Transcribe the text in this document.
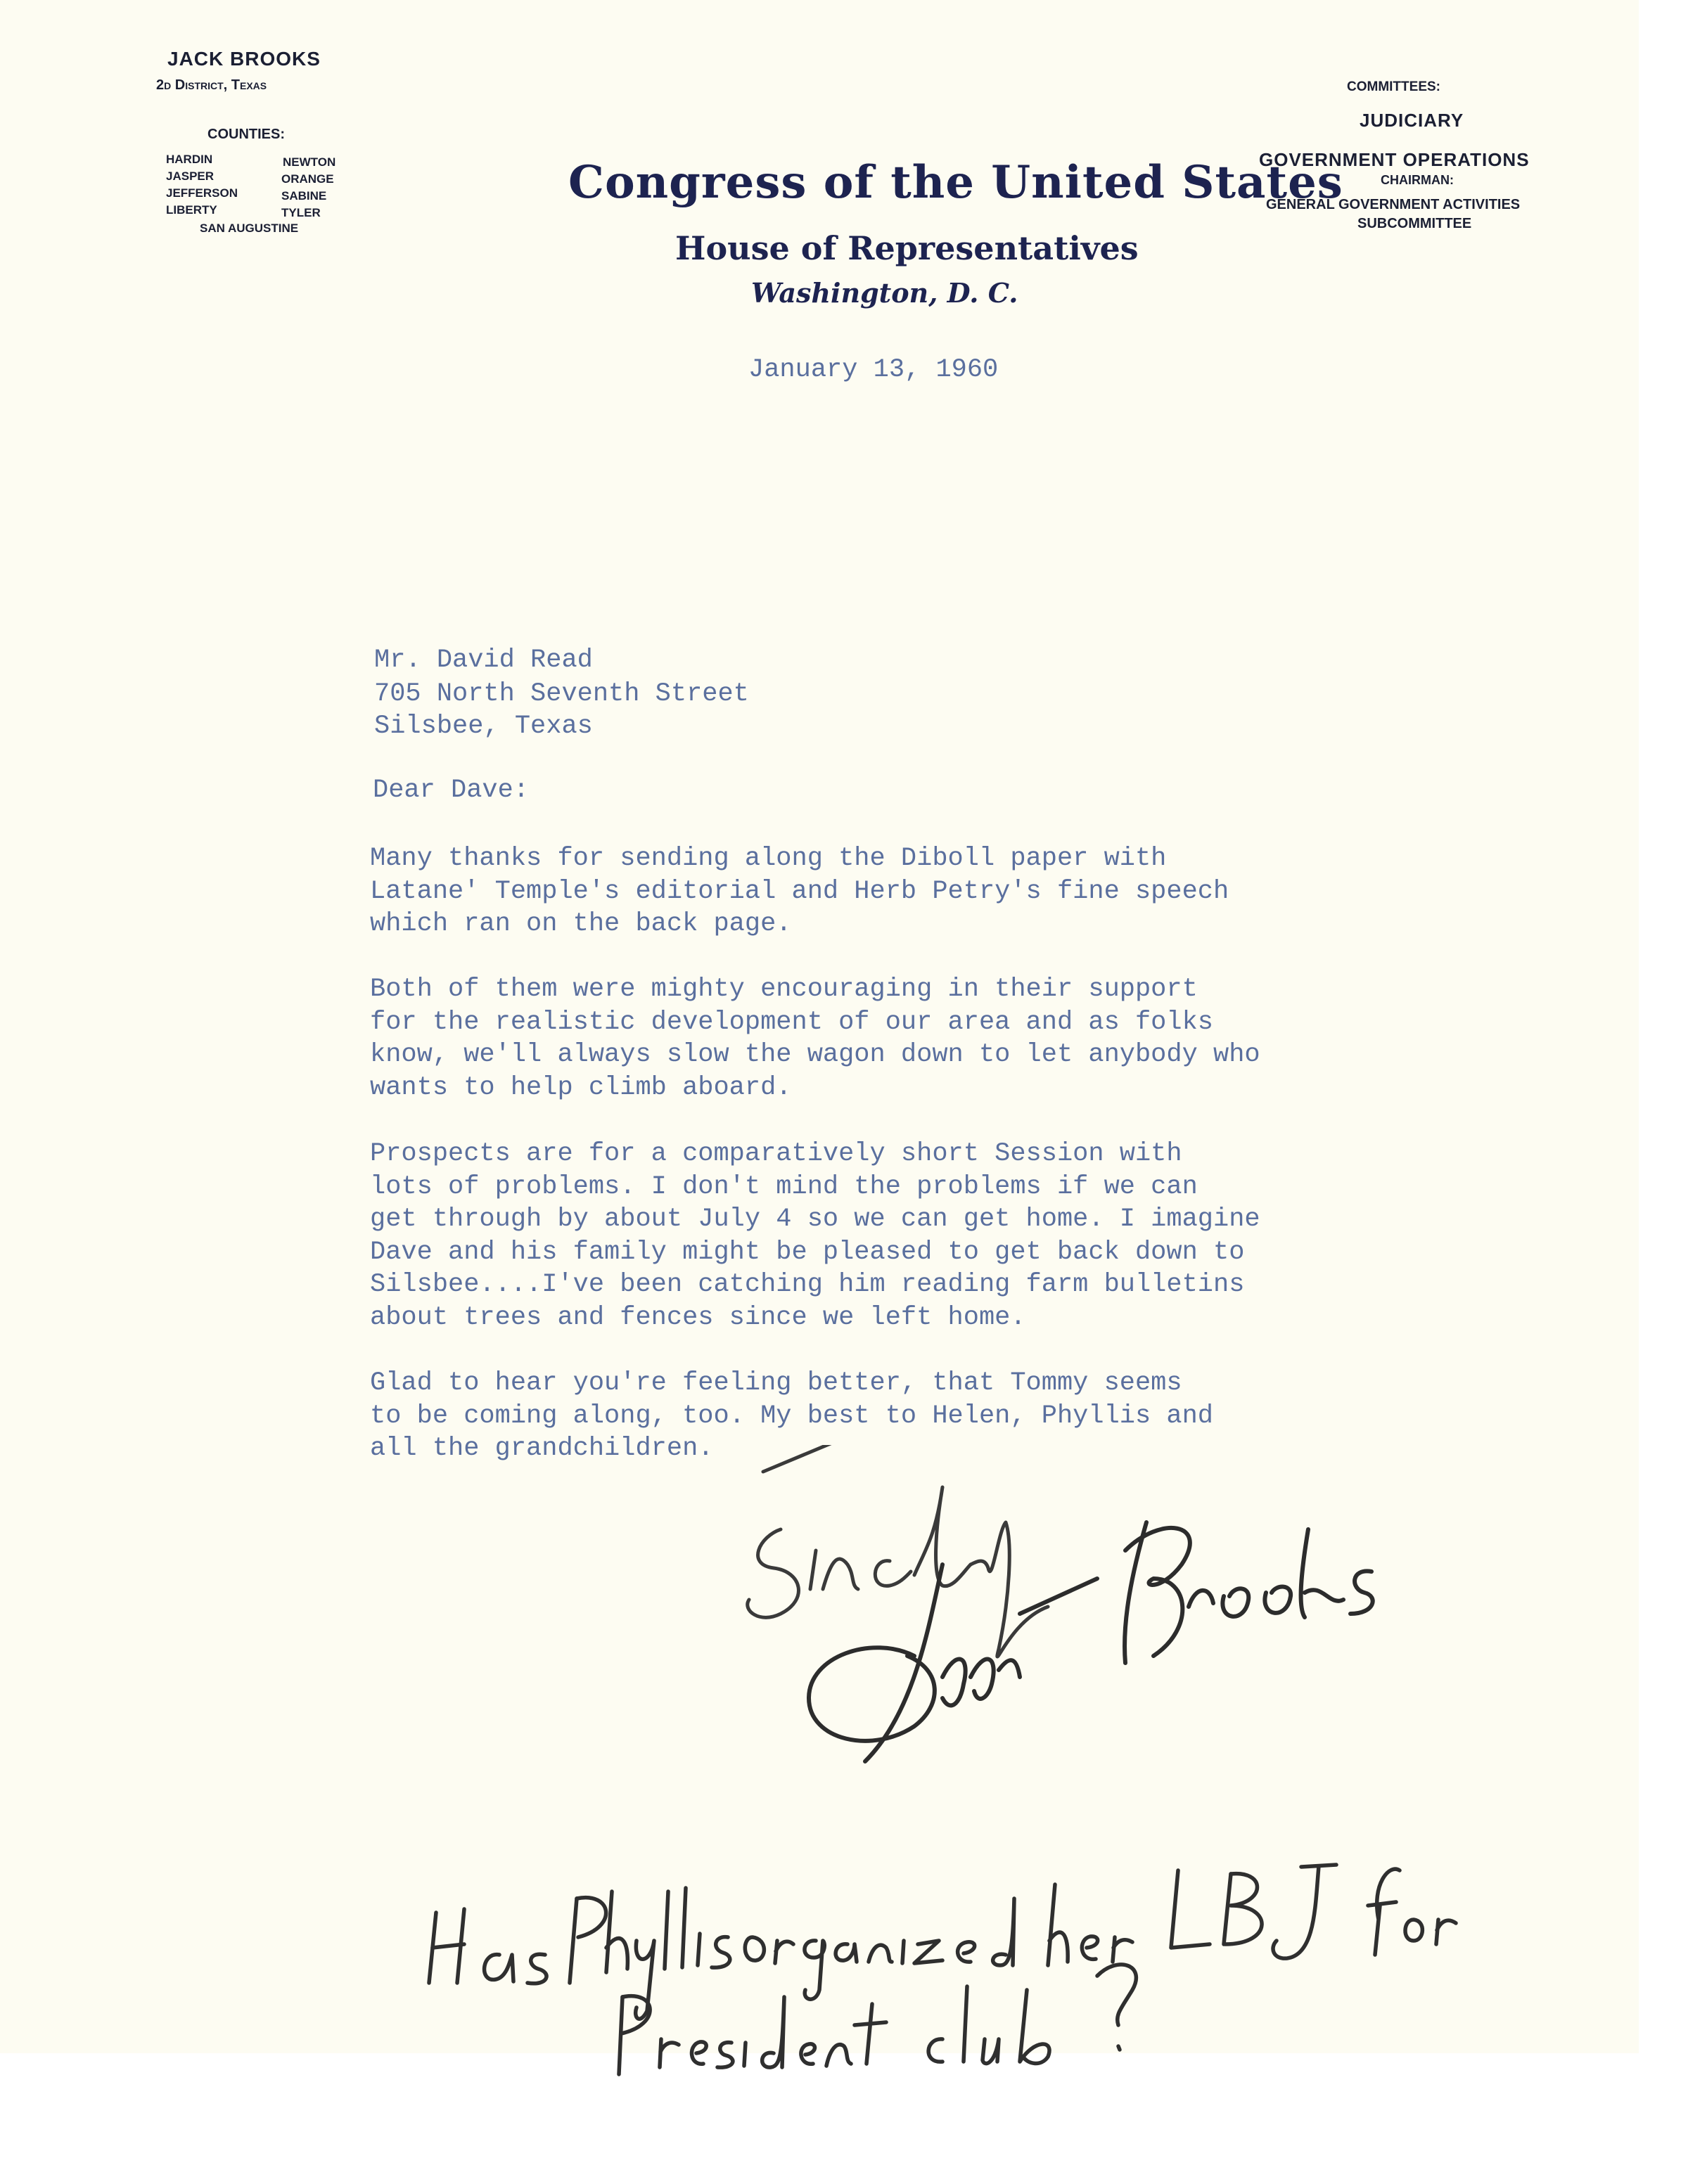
JACK BROOKS
2d District, Texas
COUNTIES:
HARDIN
JASPER
JEFFERSON
LIBERTY
NEWTON
ORANGE
SABINE
TYLER
SAN AUGUSTINE
Congress of the United States
House of Representatives
Washington, D. C.
COMMITTEES:
JUDICIARY
GOVERNMENT OPERATIONS
CHAIRMAN:
GENERAL GOVERNMENT ACTIVITIES
SUBCOMMITTEE
January 13, 1960
Mr. David Read
705 North Seventh Street
Silsbee, Texas
Dear Dave:
Many thanks for sending along the Diboll paper with
Latane' Temple's editorial and Herb Petry's fine speech
which ran on the back page.
Both of them were mighty encouraging in their support
for the realistic development of our area and as folks
know, we'll always slow the wagon down to let anybody who
wants to help climb aboard.
Prospects are for a comparatively short Session with
lots of problems. I don't mind the problems if we can
get through by about July 4 so we can get home. I imagine
Dave and his family might be pleased to get back down to
Silsbee....I've been catching him reading farm bulletins
about trees and fences since we left home.
Glad to hear you're feeling better, that Tommy seems
to be coming along, too. My best to Helen, Phyllis and
all the grandchildren.
